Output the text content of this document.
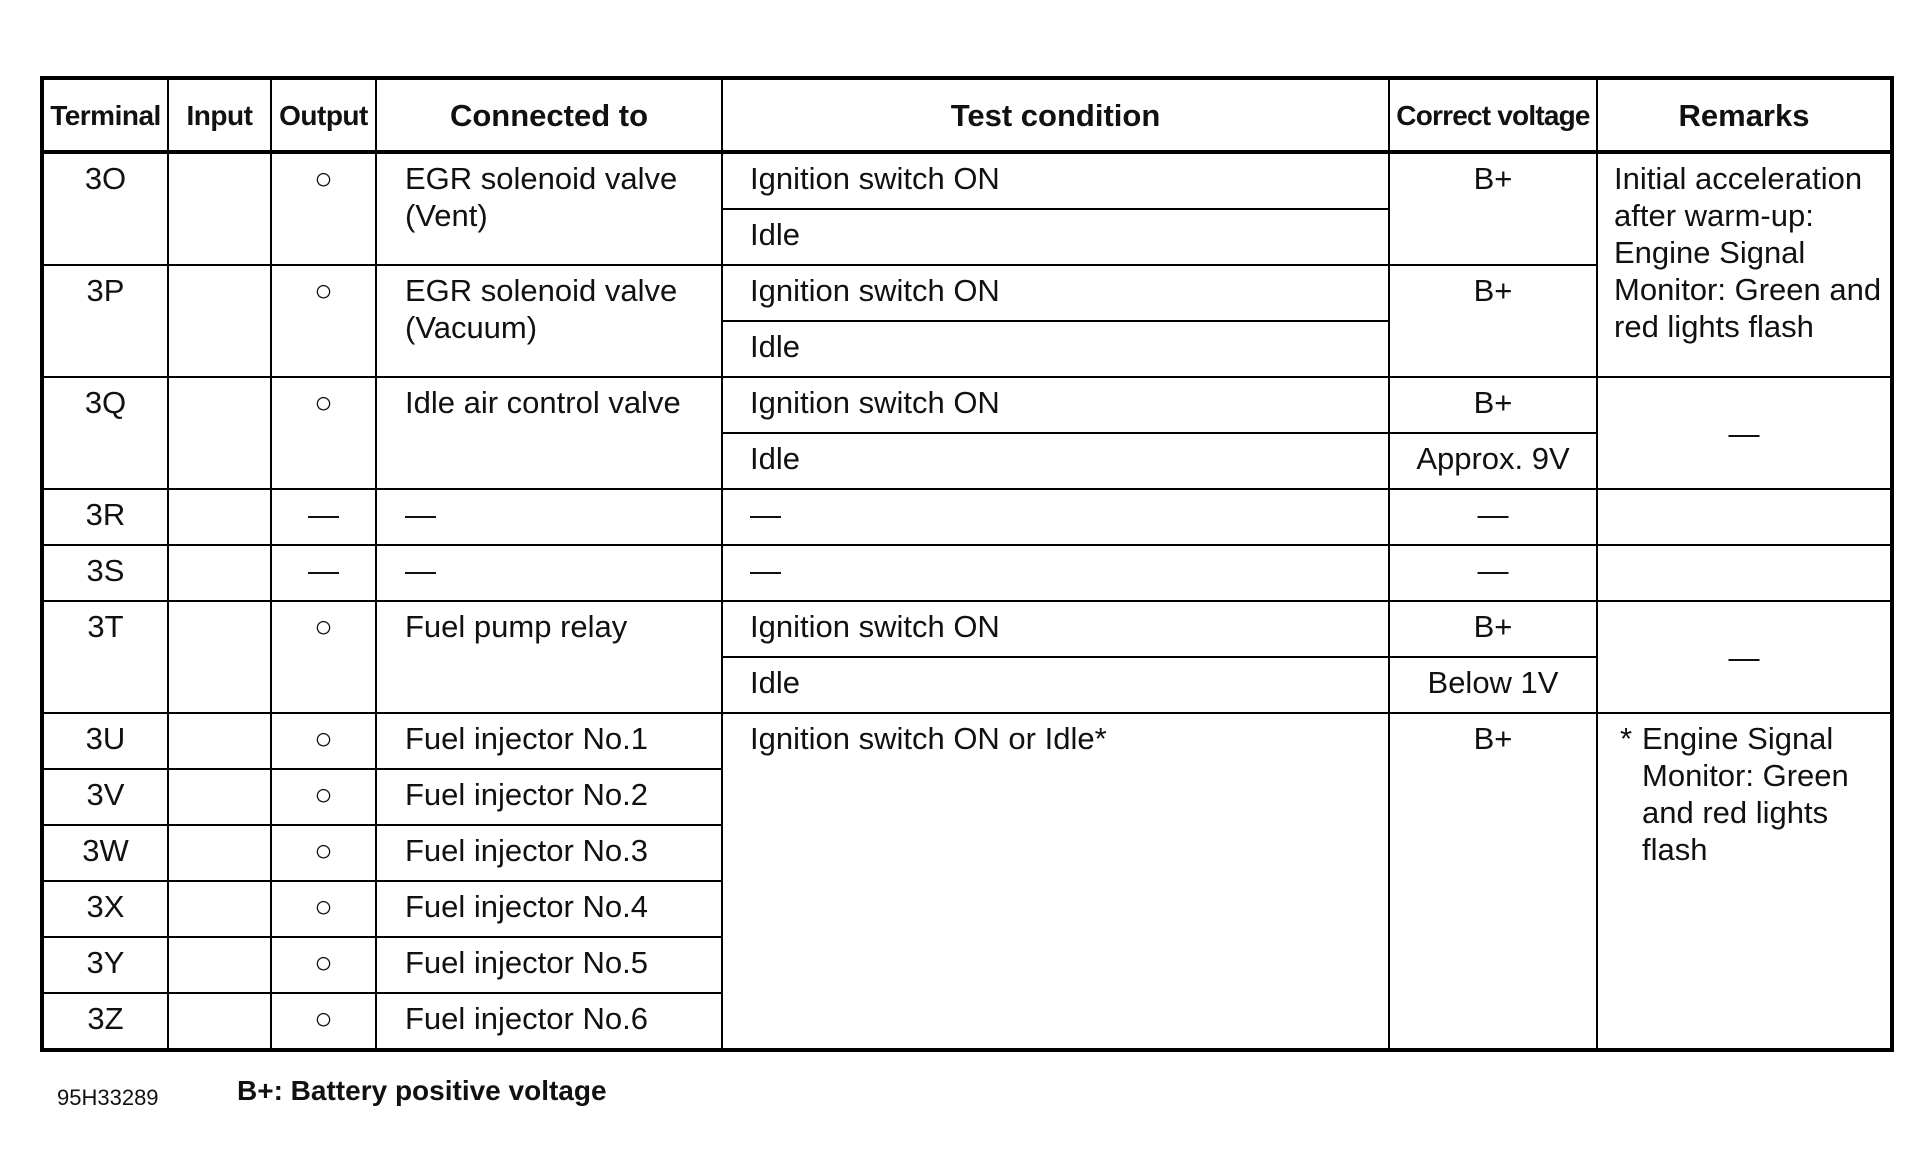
Terminal	Input	Output	Connected to	Test condition	Correct voltage	Remarks
3O		○	EGR solenoid valve (Vent)	Ignition switch ON	B+	Initial acceleration after warm-up: Engine Signal Monitor: Green and red lights flash
				Idle		
3P		○	EGR solenoid valve (Vacuum)	Ignition switch ON	B+	
				Idle		
3Q		○	Idle air control valve	Ignition switch ON	B+	—
				Idle	Approx. 9V	
3R		—	—	—	—	
3S		—	—	—	—	
3T		○	Fuel pump relay	Ignition switch ON	B+	—
				Idle	Below 1V	
3U		○	Fuel injector No.1	Ignition switch ON or Idle*	B+	* Engine Signal Monitor: Green and red lights flash

3V		○	Fuel injector No.2			
3W		○	Fuel injector No.3			
3X		○	Fuel injector No.4			
3Y		○	Fuel injector No.5			
3Z		○	Fuel injector No.6			
95H33289	B+: Battery positive voltage
